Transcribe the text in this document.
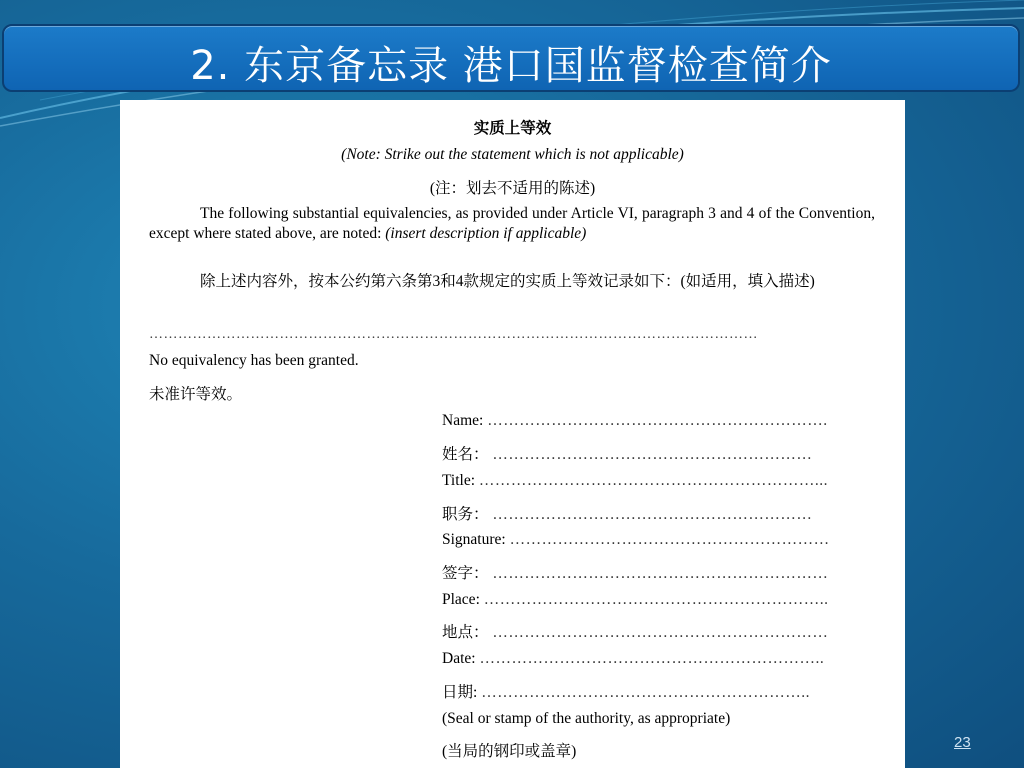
2. 东京备忘录 港口国监督检查简介
实质上等效
(Note: Strike out the statement which is not applicable)
(注：划去不适用的陈述)
The following substantial equivalencies, as provided under Article VI, paragraph 3 and 4 of the Convention, except where stated above, are noted: (insert description if applicable)
除上述内容外，按本公约第六条第3和4款规定的实质上等效记录如下：(如适用，填入描述)
………………………………………………………………………………………………………………
No equivalency has been granted.
未准许等效。
Name: ……………………………………………………….
姓名： ……………………………………………………
Title: ………………………………………………………...
职务： ……………………………………………………
Signature: ……………………………………………………
签字： ………………………………………………………
Place: ………………………………………………………..
地点： ………………………………………………………
Date: ………………………………………………………..
日期: ……………………………………………………..
(Seal or stamp of the authority, as appropriate)
(当局的钢印或盖章)
23
